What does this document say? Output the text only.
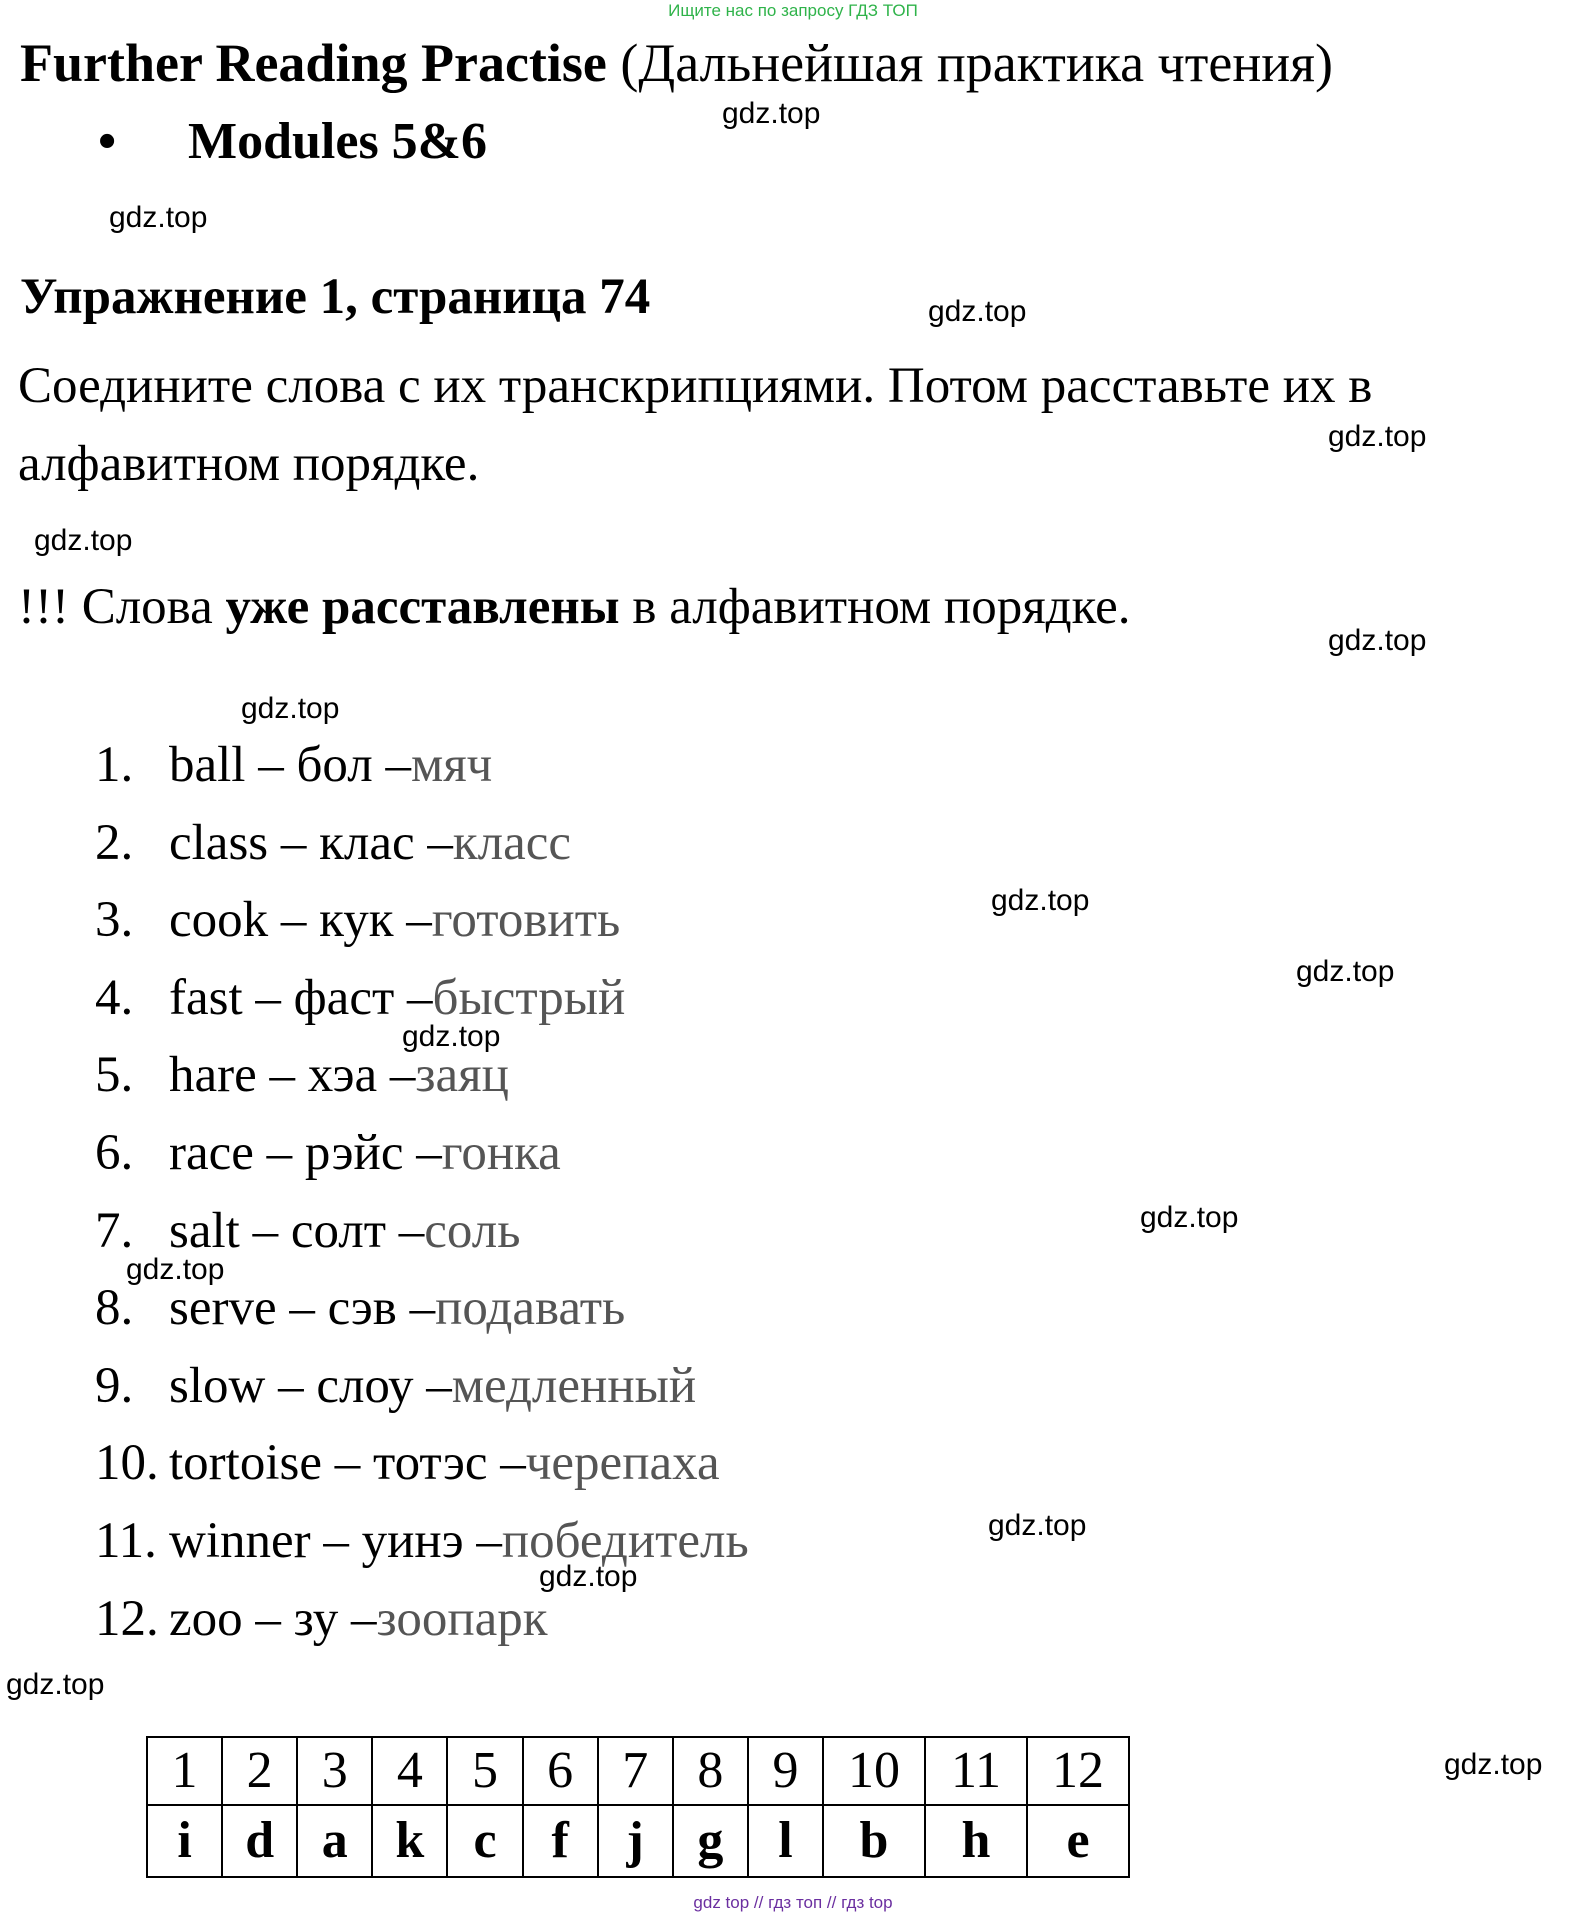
Ищите нас по запросу ГДЗ ТОП
Further Reading Practise (Дальнейшая практика чтения)
• Modules 5&6
Упражнение 1, страница 74
Соедините слова с их транскрипциями. Потом расставьте их в алфавитном порядке.
!!! Слова уже расставлены в алфавитном порядке.
1. ball – бол – мяч
2. class – клас – класс
3. cook – кук – готовить
4. fast – фаст – быстрый
5. hare – хэа – заяц
6. race – рэйс – гонка
7. salt – солт – соль
8. serve – сэв – подавать
9. slow – слоу – медленный
10. tortoise – тотэс – черепаха
11. winner – уинэ – победитель
12. zoo – зу – зоопарк
1	2	3	4	5	6	7	8	9	10	11	12
i	d	a	k	c	f	j	g	l	b	h	e
gdz.top
gdz.top
gdz.top
gdz.top
gdz.top
gdz.top
gdz.top
gdz.top
gdz.top
gdz.top
gdz.top
gdz.top
gdz.top
gdz.top
gdz.top
gdz.top
gdz top // гдз топ // гдз top
